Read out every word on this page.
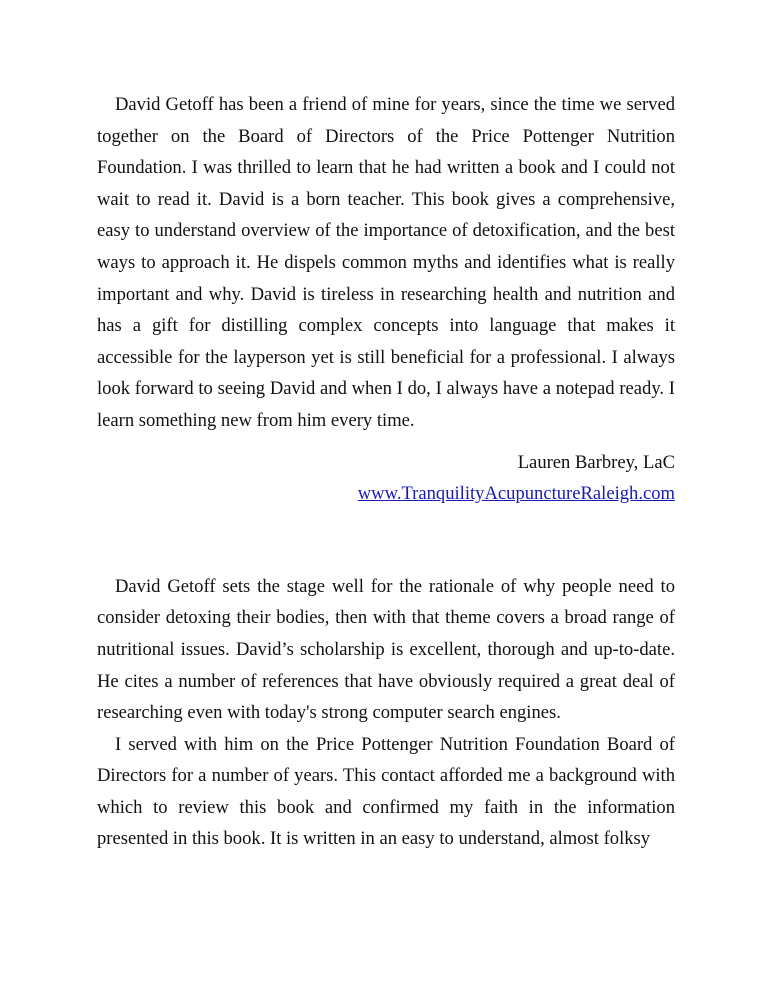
David Getoff has been a friend of mine for years, since the time we served together on the Board of Directors of the Price Pottenger Nutrition Foundation. I was thrilled to learn that he had written a book and I could not wait to read it. David is a born teacher. This book gives a comprehensive, easy to understand overview of the importance of detoxification, and the best ways to approach it. He dispels common myths and identifies what is really important and why. David is tireless in researching health and nutrition and has a gift for distilling complex concepts into language that makes it accessible for the layperson yet is still beneficial for a professional. I always look forward to seeing David and when I do, I always have a notepad ready. I learn something new from him every time.

Lauren Barbrey, LaC
www.TranquilityAcupunctureRaleigh.com

David Getoff sets the stage well for the rationale of why people need to consider detoxing their bodies, then with that theme covers a broad range of nutritional issues. David’s scholarship is excellent, thorough and up-to-date. He cites a number of references that have obviously required a great deal of researching even with today's strong computer search engines.

I served with him on the Price Pottenger Nutrition Foundation Board of Directors for a number of years. This contact afforded me a background with which to review this book and confirmed my faith in the information presented in this book. It is written in an easy to understand, almost folksy
